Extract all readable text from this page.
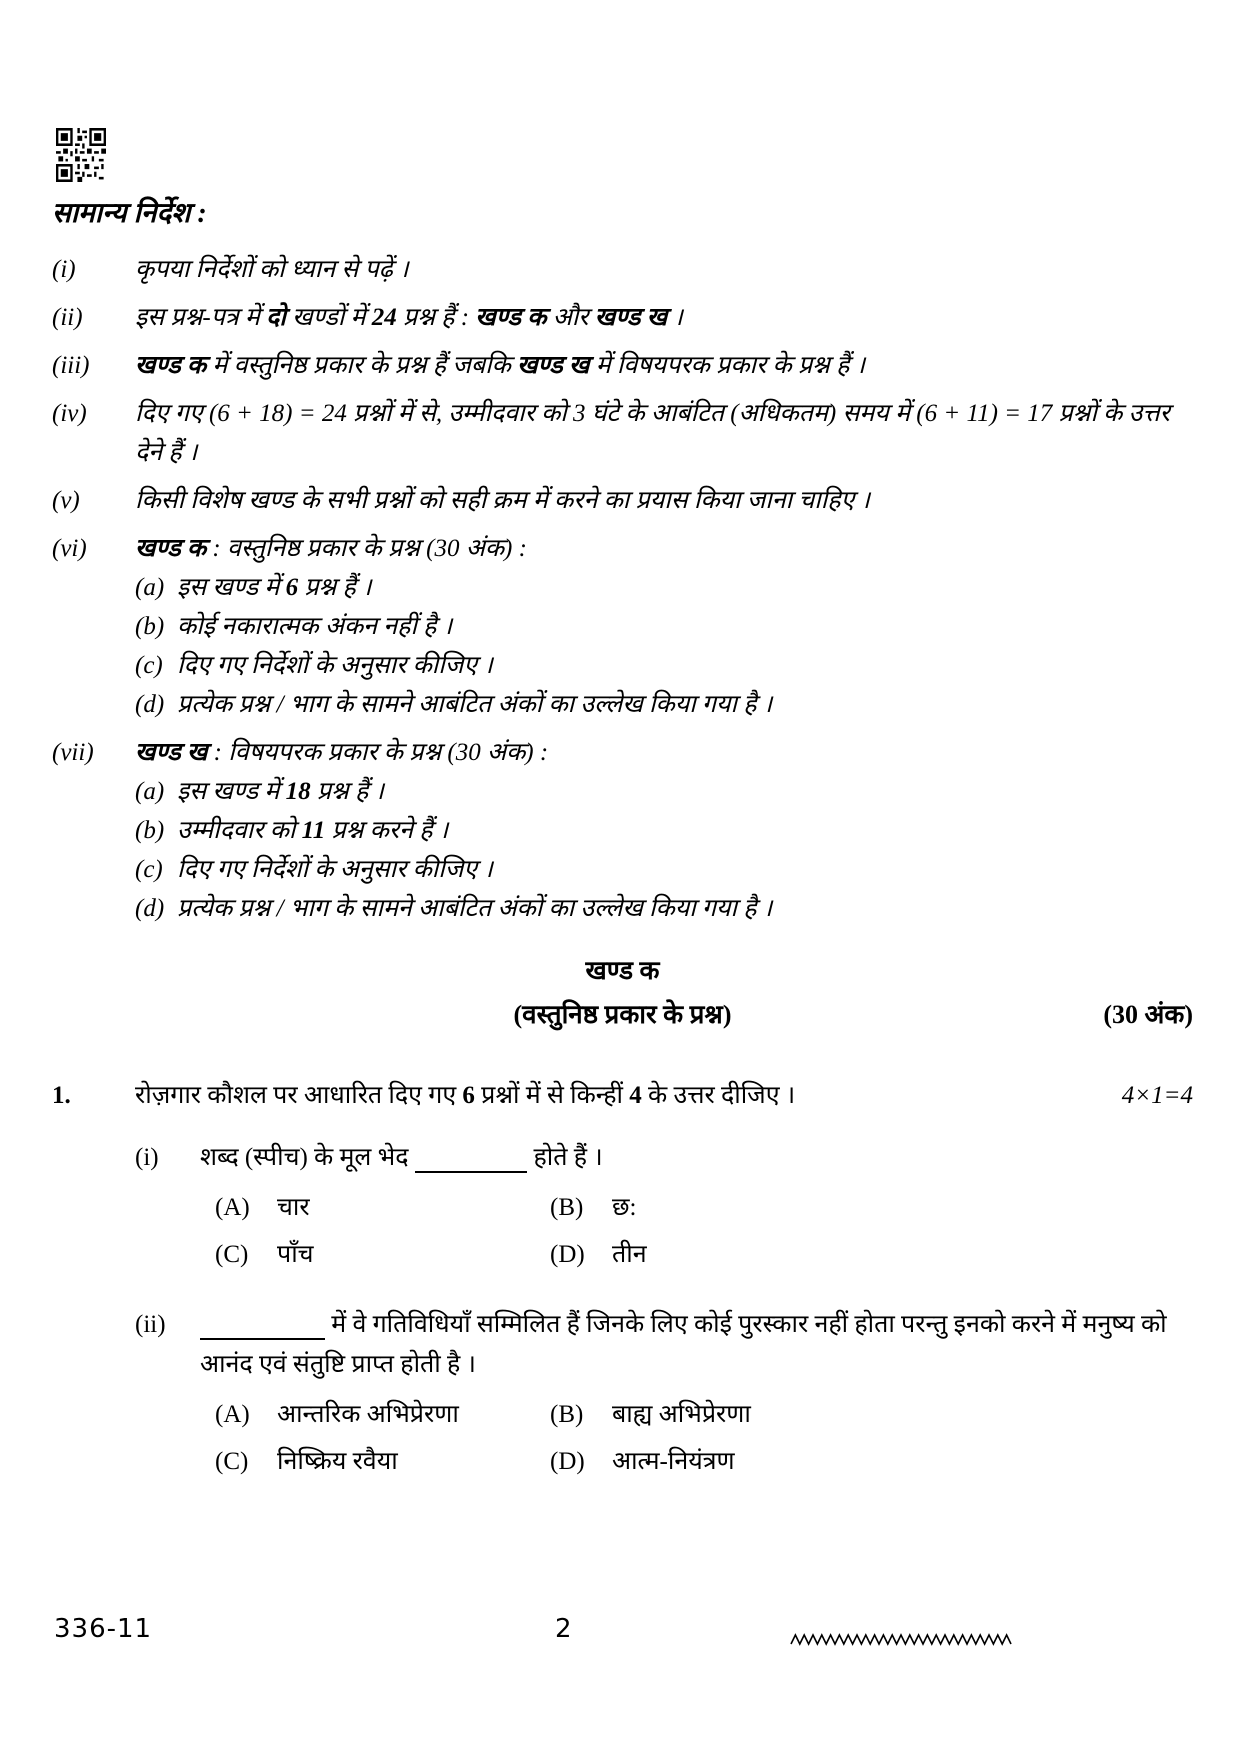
सामान्य निर्देश :
(i)	कृपया निर्देशों को ध्यान से पढ़ें ।
(ii)	इस प्रश्न-पत्र में दो खण्डों में 24 प्रश्न हैं : खण्ड क और खण्ड ख ।
(iii)	खण्ड क में वस्तुनिष्ठ प्रकार के प्रश्न हैं जबकि खण्ड ख में विषयपरक प्रकार के प्रश्न हैं ।
(iv)	दिए गए (6 + 18) = 24 प्रश्नों में से, उम्मीदवार को 3 घंटे के आबंटित (अधिकतम) समय में (6 + 11) = 17 प्रश्नों के उत्तर देने हैं ।
(v)	किसी विशेष खण्ड के सभी प्रश्नों को सही क्रम में करने का प्रयास किया जाना चाहिए ।
(vi)	खण्ड क : वस्तुनिष्ठ प्रकार के प्रश्न (30 अंक) :
(a) इस खण्ड में 6 प्रश्न हैं ।
(b) कोई नकारात्मक अंकन नहीं है ।
(c) दिए गए निर्देशों के अनुसार कीजिए ।
(d) प्रत्येक प्रश्न / भाग के सामने आबंटित अंकों का उल्लेख किया गया है ।
(vii)	खण्ड ख : विषयपरक प्रकार के प्रश्न (30 अंक) :
(a) इस खण्ड में 18 प्रश्न हैं ।
(b) उम्मीदवार को 11 प्रश्न करने हैं ।
(c) दिए गए निर्देशों के अनुसार कीजिए ।
(d) प्रत्येक प्रश्न / भाग के सामने आबंटित अंकों का उल्लेख किया गया है ।
खण्ड क
(वस्तुनिष्ठ प्रकार के प्रश्न)	(30 अंक)
1.	रोज़गार कौशल पर आधारित दिए गए 6 प्रश्नों में से किन्हीं 4 के उत्तर दीजिए ।	4×1=4
(i)	शब्द (स्पीच) के मूल भेद	होते हैं ।
(A)	चार	(B)	छ:
(C)	पाँच	(D)	तीन
(ii)	में वे गतिविधियाँ सम्मिलित हैं जिनके लिए कोई पुरस्कार नहीं होता परन्तु इनको करने में मनुष्य को आनंद एवं संतुष्टि प्राप्त होती है ।
(A)	आन्तरिक अभिप्रेरणा	(B)	बाह्य अभिप्रेरणा
(C)	निष्क्रिय रवैया	(D)	आत्म-नियंत्रण
336-11	2
